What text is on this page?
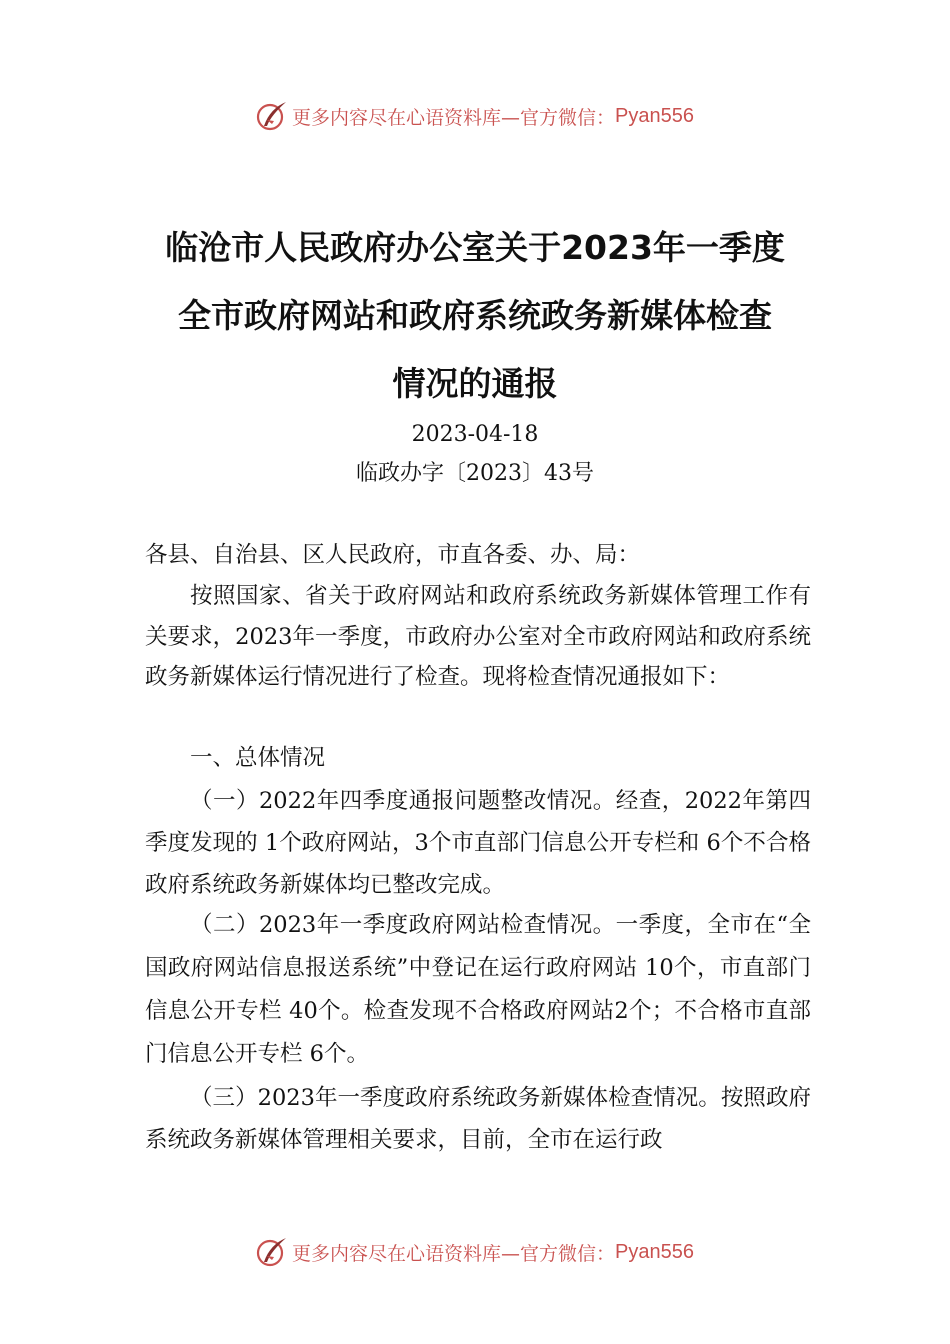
更多内容尽在心语资料库—官方微信： Pyan556
临沧市人民政府办公室关于2023年一季度
全市政府网站和政府系统政务新媒体检查
情况的通报
2023-04-18
临政办字〔2023〕43号
各县、自治县、区人民政府，市直各委、办、局：
按照国家、省关于政府网站和政府系统政务新媒体管理工作有关要求，2023年一季度，市政府办公室对全市政府网站和政府系统政务新媒体运行情况进行了检查。现将检查情况通报如下：
一、总体情况
（一）2022年四季度通报问题整改情况。经查，2022年第四季度发现的 1个政府网站，3个市直部门信息公开专栏和 6个不合格政府系统政务新媒体均已整改完成。
（二）2023年一季度政府网站检查情况。一季度，全市在“全国政府网站信息报送系统”中登记在运行政府网站 10个，市直部门信息公开专栏 40个。检查发现不合格政府网站2个；不合格市直部门信息公开专栏 6个。
（三）2023年一季度政府系统政务新媒体检查情况。按照政府系统政务新媒体管理相关要求，目前，全市在运行政
更多内容尽在心语资料库—官方微信： Pyan556
